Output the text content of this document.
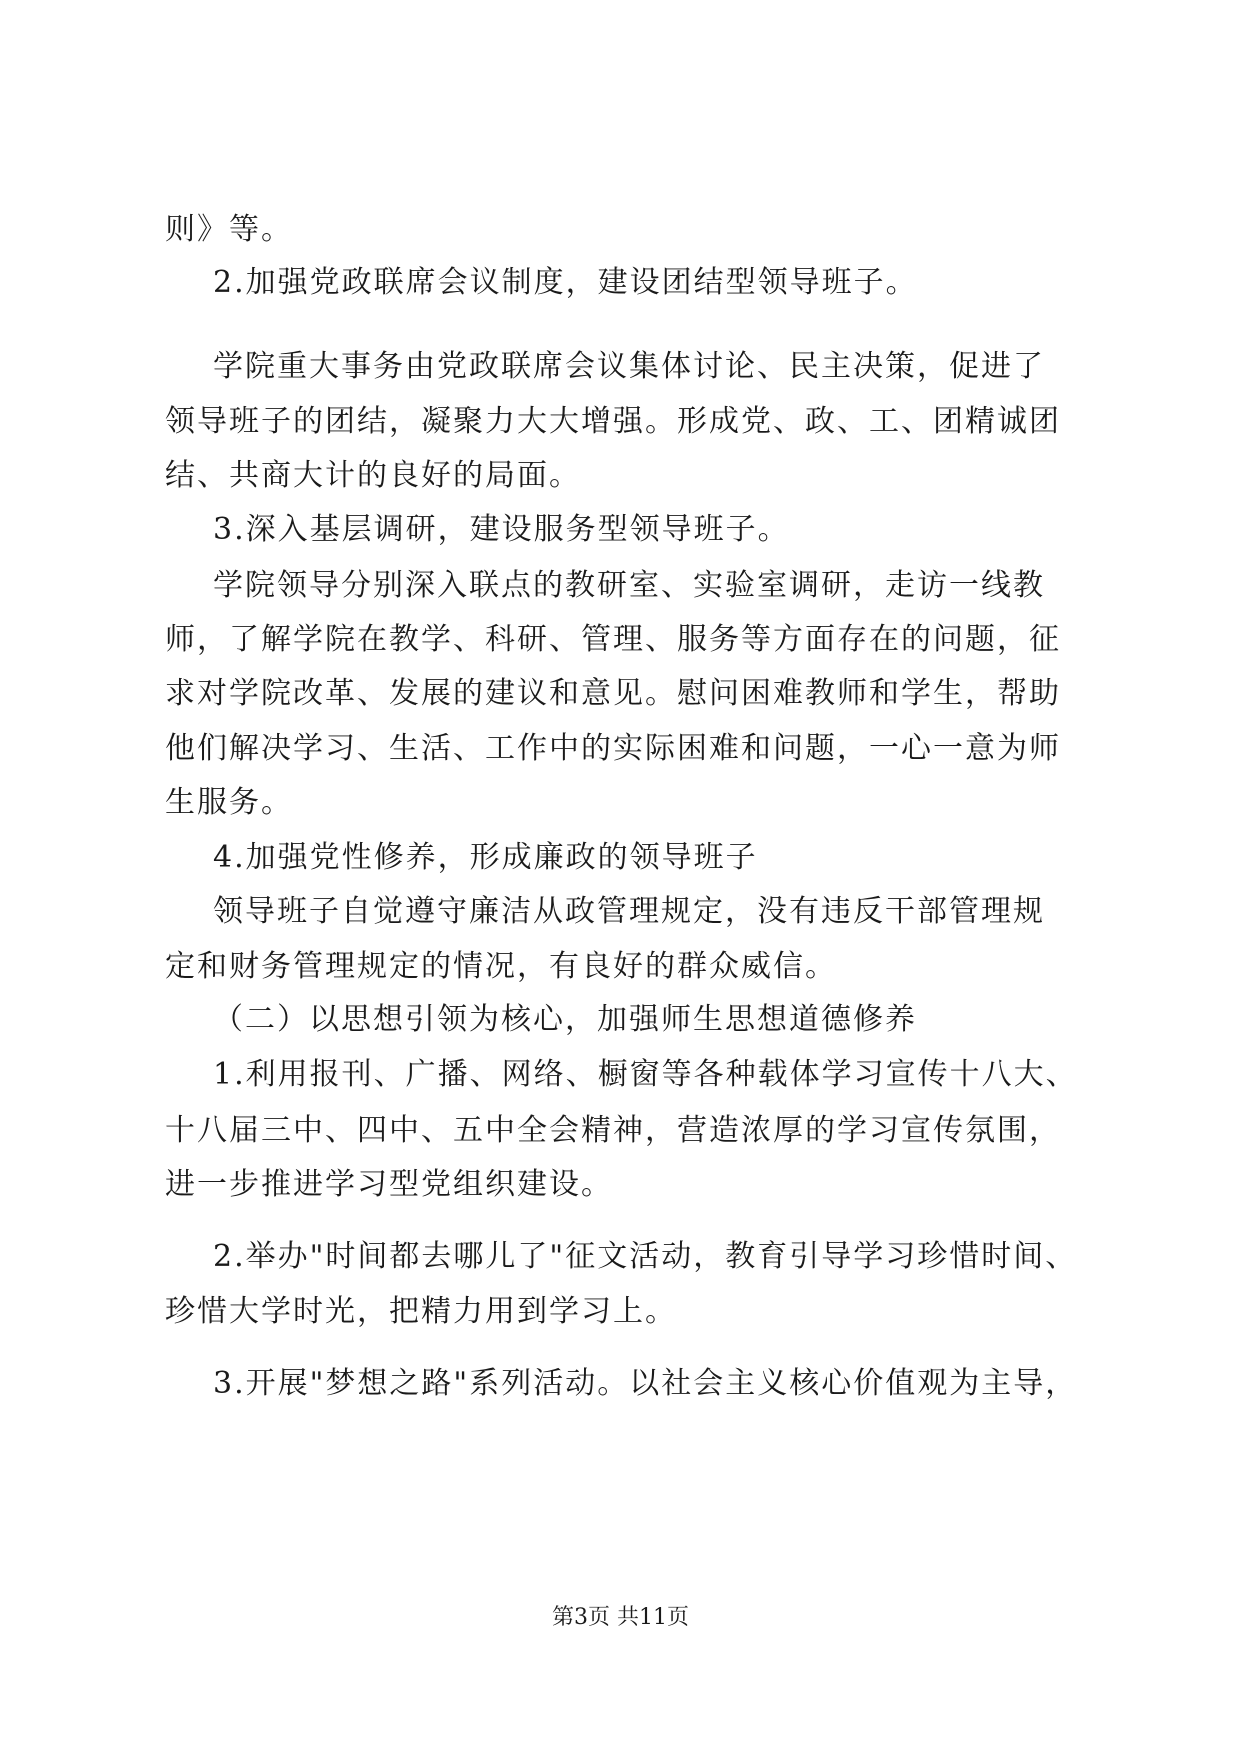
则》等。
2.加强党政联席会议制度，建设团结型领导班子。
学院重大事务由党政联席会议集体讨论、民主决策，促进了
领导班子的团结，凝聚力大大增强。形成党、政、工、团精诚团
结、共商大计的良好的局面。
3.深入基层调研，建设服务型领导班子。
学院领导分别深入联点的教研室、实验室调研，走访一线教
师，了解学院在教学、科研、管理、服务等方面存在的问题，征
求对学院改革、发展的建议和意见。慰问困难教师和学生，帮助
他们解决学习、生活、工作中的实际困难和问题，一心一意为师
生服务。
4.加强党性修养，形成廉政的领导班子
领导班子自觉遵守廉洁从政管理规定，没有违反干部管理规
定和财务管理规定的情况，有良好的群众威信。
（二）以思想引领为核心，加强师生思想道德修养
1.利用报刊、广播、网络、橱窗等各种载体学习宣传十八大、
十八届三中、四中、五中全会精神，营造浓厚的学习宣传氛围，
进一步推进学习型党组织建设。
2.举办"时间都去哪儿了"征文活动，教育引导学习珍惜时间、
珍惜大学时光，把精力用到学习上。
3.开展"梦想之路"系列活动。以社会主义核心价值观为主导，
第3页 共11页
